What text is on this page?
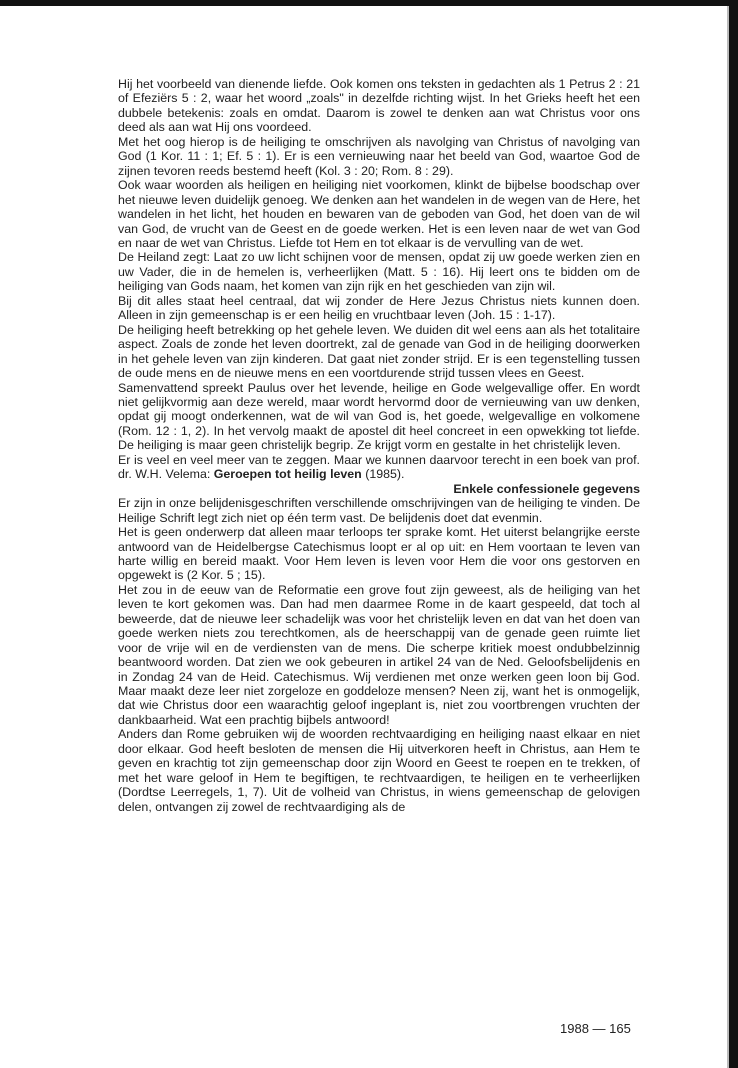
Hij het voorbeeld van dienende liefde. Ook komen ons teksten in gedachten als 1 Petrus 2 : 21 of Efeziërs 5 : 2, waar het woord „zoals" in dezelfde richting wijst. In het Grieks heeft het een dubbele betekenis: zoals en omdat. Daarom is zowel te denken aan wat Christus voor ons deed als aan wat Hij ons voordeed.

Met het oog hierop is de heiliging te omschrijven als navolging van Christus of navolging van God (1 Kor. 11 : 1; Ef. 5 : 1). Er is een vernieuwing naar het beeld van God, waartoe God de zijnen tevoren reeds bestemd heeft (Kol. 3 : 20; Rom. 8 : 29).

Ook waar woorden als heiligen en heiliging niet voorkomen, klinkt de bijbelse boodschap over het nieuwe leven duidelijk genoeg. We denken aan het wandelen in de wegen van de Here, het wandelen in het licht, het houden en bewaren van de geboden van God, het doen van de wil van God, de vrucht van de Geest en de goede werken. Het is een leven naar de wet van God en naar de wet van Christus. Liefde tot Hem en tot elkaar is de vervulling van de wet.

De Heiland zegt: Laat zo uw licht schijnen voor de mensen, opdat zij uw goede werken zien en uw Vader, die in de hemelen is, verheerlijken (Matt. 5 : 16). Hij leert ons te bidden om de heiliging van Gods naam, het komen van zijn rijk en het geschieden van zijn wil.

Bij dit alles staat heel centraal, dat wij zonder de Here Jezus Christus niets kunnen doen. Alleen in zijn gemeenschap is er een heilig en vruchtbaar leven (Joh. 15 : 1-17).

De heiliging heeft betrekking op het gehele leven. We duiden dit wel eens aan als het totalitaire aspect. Zoals de zonde het leven doortrekt, zal de genade van God in de heiliging doorwerken in het gehele leven van zijn kinderen. Dat gaat niet zonder strijd. Er is een tegenstelling tussen de oude mens en de nieuwe mens en een voortdurende strijd tussen vlees en Geest.

Samenvattend spreekt Paulus over het levende, heilige en Gode welgevallige offer. En wordt niet gelijkvormig aan deze wereld, maar wordt hervormd door de vernieuwing van uw denken, opdat gij moogt onderkennen, wat de wil van God is, het goede, welgevallige en volkomene (Rom. 12 : 1, 2). In het vervolg maakt de apostel dit heel concreet in een opwekking tot liefde. De heiliging is maar geen christelijk begrip. Ze krijgt vorm en gestalte in het christelijk leven.

Er is veel en veel meer van te zeggen. Maar we kunnen daarvoor terecht in een boek van prof. dr. W.H. Velema: Geroepen tot heilig leven (1985).

Enkele confessionele gegevens

Er zijn in onze belijdenisgeschriften verschillende omschrijvingen van de heiliging te vinden. De Heilige Schrift legt zich niet op één term vast. De belijdenis doet dat evenmin.

Het is geen onderwerp dat alleen maar terloops ter sprake komt. Het uiterst belangrijke eerste antwoord van de Heidelbergse Catechismus loopt er al op uit: en Hem voortaan te leven van harte willig en bereid maakt. Voor Hem leven is leven voor Hem die voor ons gestorven en opgewekt is (2 Kor. 5 ; 15).

Het zou in de eeuw van de Reformatie een grove fout zijn geweest, als de heiliging van het leven te kort gekomen was. Dan had men daarmee Rome in de kaart gespeeld, dat toch al beweerde, dat de nieuwe leer schadelijk was voor het christelijk leven en dat van het doen van goede werken niets zou terechtkomen, als de heerschappij van de genade geen ruimte liet voor de vrije wil en de verdiensten van de mens. Die scherpe kritiek moest ondubbelzinnig beantwoord worden. Dat zien we ook gebeuren in artikel 24 van de Ned. Geloofsbelijdenis en in Zondag 24 van de Heid. Catechismus. Wij verdienen met onze werken geen loon bij God. Maar maakt deze leer niet zorgeloze en goddeloze mensen? Neen zij, want het is onmogelijk, dat wie Christus door een waarachtig geloof ingeplant is, niet zou voortbrengen vruchten der dankbaarheid. Wat een prachtig bijbels antwoord!

Anders dan Rome gebruiken wij de woorden rechtvaardiging en heiliging naast elkaar en niet door elkaar. God heeft besloten de mensen die Hij uitverkoren heeft in Christus, aan Hem te geven en krachtig tot zijn gemeenschap door zijn Woord en Geest te roepen en te trekken, of met het ware geloof in Hem te begiftigen, te rechtvaardigen, te heiligen en te verheerlijken (Dordtse Leerregels, 1, 7). Uit de volheid van Christus, in wiens gemeenschap de gelovigen delen, ontvangen zij zowel de rechtvaardiging als de

1988 — 165
